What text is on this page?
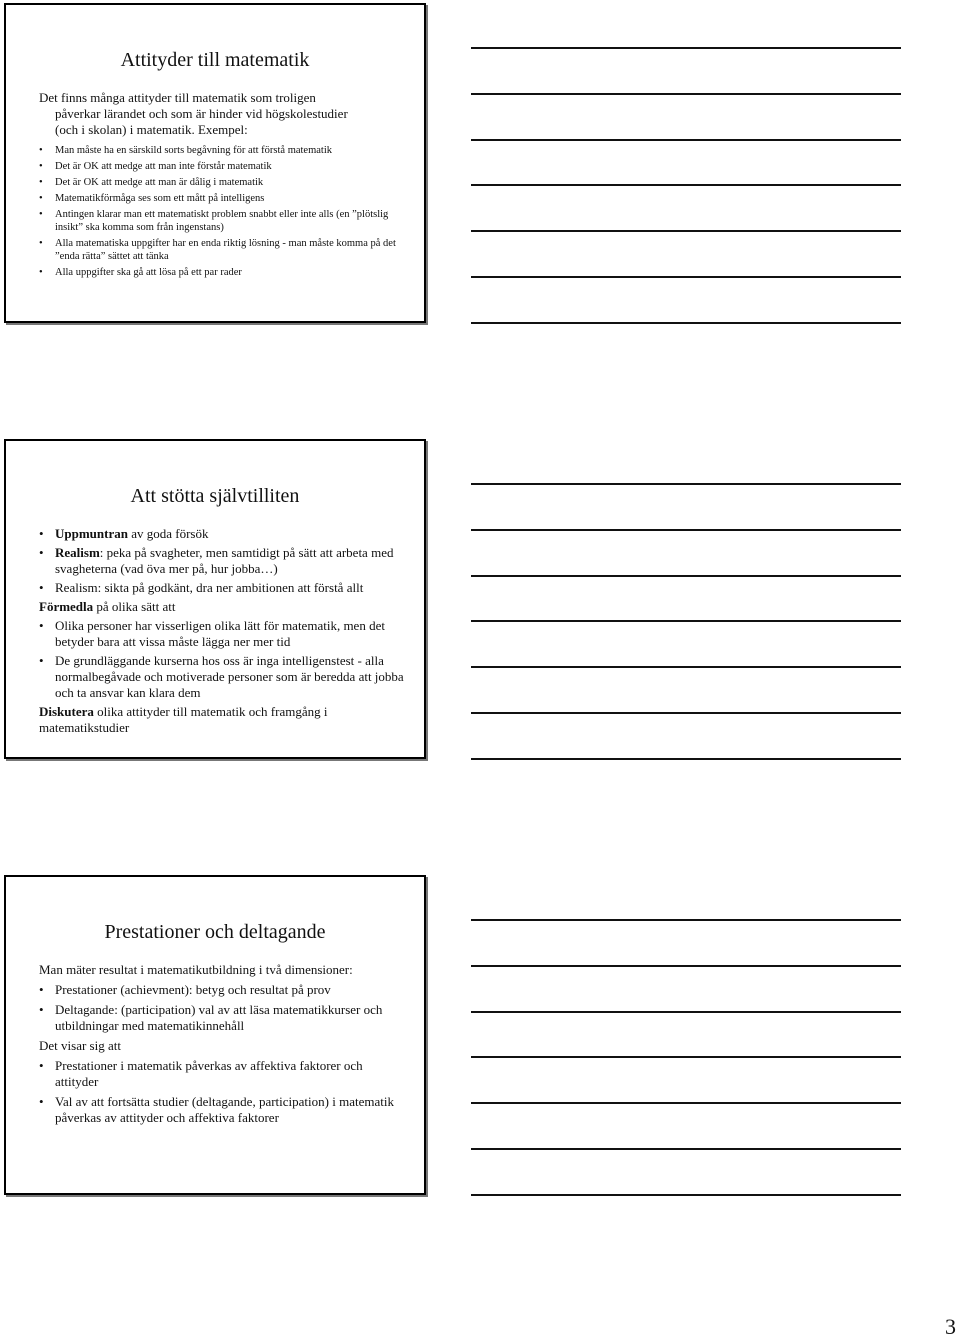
Attityder till matematik
Det finns många attityder till matematik som troligen
påverkar lärandet och som är hinder vid högskolestudier
(och i skolan) i matematik. Exempel:
• Man måste ha en särskild sorts begåvning för att förstå matematik
• Det är OK att medge att man inte förstår matematik
• Det är OK att medge att man är dålig i matematik
• Matematikförmåga ses som ett mått på intelligens
• Antingen klarar man ett matematiskt problem snabbt eller inte alls (en ”plötslig insikt” ska komma som från ingenstans)
• Alla matematiska uppgifter har en enda riktig lösning - man måste komma på det ”enda rätta” sättet att tänka
• Alla uppgifter ska gå att lösa på ett par rader
Att stötta självtilliten
• Uppmuntran av goda försök
• Realism: peka på svagheter, men samtidigt på sätt att arbeta med svagheterna (vad öva mer på, hur jobba…)
• Realism: sikta på godkänt, dra ner ambitionen att förstå allt

Förmedla på olika sätt att

• Olika personer har visserligen olika lätt för matematik, men det betyder bara att vissa måste lägga ner mer tid
• De grundläggande kurserna hos oss är inga intelligenstest - alla normalbegåvade och motiverade personer som är beredda att jobba och ta ansvar kan klara dem

Diskutera olika attityder till matematik och framgång i matematikstudier

Prestationer och deltagande

Man mäter resultat i matematikutbildning i två dimensioner:

• Prestationer (achievment): betyg och resultat på prov
• Deltagande: (participation) val av att läsa matematikkurser och utbildningar med matematikinnehåll

Det visar sig att

• Prestationer i matematik påverkas av affektiva faktorer och attityder
• Val av att fortsätta studier (deltagande, participation) i matematik påverkas av attityder och affektiva faktorer
3
